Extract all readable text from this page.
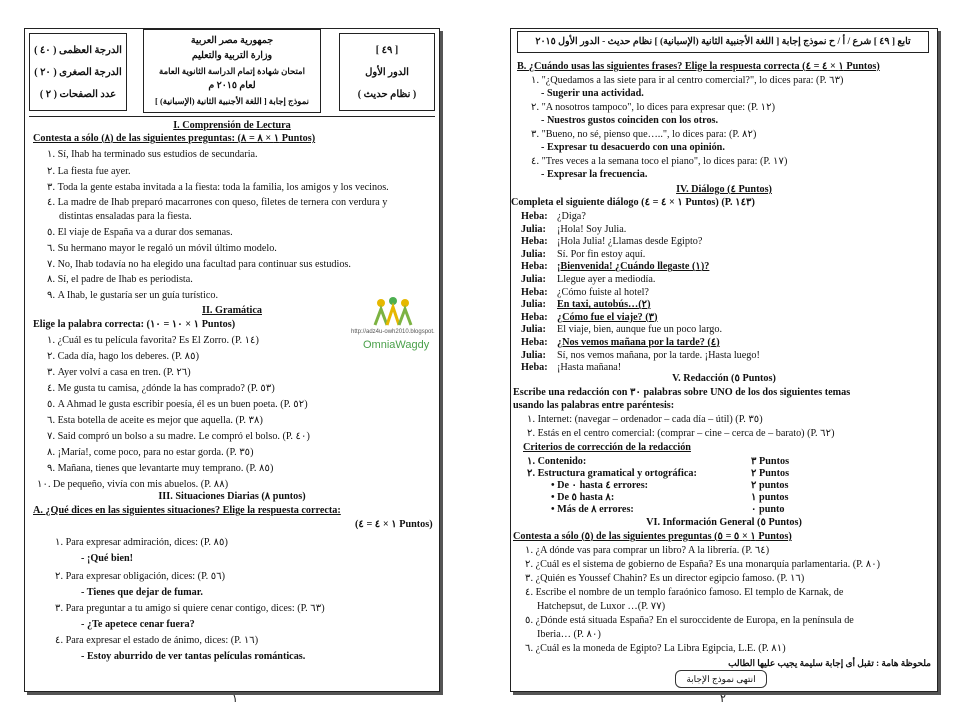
الدرجة العظمى ( ٤٠ )
الدرجة الصغرى ( ٢٠ )
عدد الصفحات ( ٢ )
جمهورية مصر العربية
وزارة التربية والتعليم
امتحان شهادة إتمام الدراسة الثانوية العامة
لعام ٢٠١٥ م
نموذج إجابة [ اللغة الأجنبية الثانية (الإسبانية) ]
[ ٤٩ ]
الدور الأول
( نظام حديث )
I. Comprensión de Lectura
Contesta a sólo (٨) de las siguientes preguntas: (١ × ٨ = ٨ Puntos)
١. Sí, Ihab ha terminado sus estudios de secundaria.
٢. La fiesta fue ayer.
٣. Toda la gente estaba invitada a la fiesta: toda la familia, los amigos y los vecinos.
٤. La madre de Ihab preparó macarrones con queso, filetes de ternera con verdura y
distintas ensaladas para la fiesta.
٥. El viaje de España va a durar dos semanas.
٦. Su hermano mayor le regaló un móvil último modelo.
٧. No, Ihab todavía no ha elegido una facultad para continuar sus estudios.
٨. Sí, el padre de Ihab es periodista.
٩. A Ihab, le gustaría ser un guía turístico.
II. Gramática
Elige la palabra correcta: (١ × ١٠ = ١٠ Puntos)
١. ¿Cuál es tu película favorita? Es El Zorro. (P. ١٤)
٢. Cada día, hago los deberes. (P. ٨٥)
٣. Ayer volví a casa en tren. (P. ٢٦)
٤. Me gusta tu camisa, ¿dónde la has comprado? (P. ٥٣)
٥. A Ahmad le gusta escribir poesía, él es un buen poeta. (P. ٥٢)
٦. Esta botella de aceite es mejor que aquella. (P. ٣٨)
٧. Said compró un bolso a su madre. Le compró el bolso. (P. ٤٠)
٨. ¡María!, come poco, para no estar gorda. (P. ٣٥)
٩. Mañana, tienes que levantarte muy temprano. (P. ٨٥)
١٠. De pequeño, vivía con mis abuelos. (P. ٨٨)
III. Situaciones Diarias (٨ puntos)
A. ¿Qué dices en las siguientes situaciones? Elige la respuesta correcta:
(١ × ٤ = ٤ Puntos)
١. Para expresar admiración, dices: (P. ٨٥)
- ¡Qué bien!
٢. Para expresar obligación, dices: (P. ٥٦)
- Tienes que dejar de fumar.
٣. Para preguntar a tu amigo si quiere cenar contigo, dices: (P. ٦٣)
- ¿Te apetece cenar fuera?
٤. Para expresar el estado de ánimo, dices: (P. ١٦)
- Estoy aburrido de ver tantas películas románticas.
http://adz4u-owh2010.blogspot.
OmniaWagdy
١
تابع [ ٤٩ ] شرع / أ / ح نموذج إجابة [ اللغة الأجنبية الثانية (الإسبانية) ] نظام حديث - الدور الأول ٢٠١٥
B. ¿Cuándo usas las siguientes frases? Elige la respuesta correcta (١ × ٤ = ٤ Puntos)
١. "¿Quedamos a las siete para ir al centro comercial?", lo dices para: (P. ٦٣)
- Sugerir una actividad.
٢. "A nosotros tampoco", lo dices para expresar que: (P. ١٢)
- Nuestros gustos coinciden con los otros.
٣. "Bueno, no sé, pienso que…..", lo dices para: (P. ٨٢)
- Expresar tu desacuerdo con una opinión.
٤. "Tres veces a la semana toco el piano", lo dices para: (P. ١٧)
- Expresar la frecuencia.
IV. Diálogo (٤ Puntos)
Completa el siguiente diálogo (١ × ٤ = ٤ Puntos) (P. ١٤٣)
Heba: ¿Diga?
Julia: ¡Hola! Soy Julia.
Heba: ¡Hola Julia! ¿Llamas desde Egipto?
Julia: Sí. Por fin estoy aquí.
Heba: ¡Bienvenida! ¿Cuándo llegaste (١)?
Julia: Llegue ayer a mediodía.
Heba: ¿Cómo fuiste al hotel?
Julia: En taxi, autobús…(٢)
Heba: ¿Cómo fue el viaje? (٣)
Julia: El viaje, bien, aunque fue un poco largo.
Heba: ¿Nos vemos mañana por la tarde? (٤)
Julia: Sí, nos vemos mañana, por la tarde. ¡Hasta luego!
Heba: ¡Hasta mañana!
V. Redacción (٥ Puntos)
Escribe una redacción con ٣٠ palabras sobre UNO de los dos siguientes temas
usando las palabras entre paréntesis:
١. Internet: (navegar – ordenador – cada día – útil) (P. ٣٥)
٢. Estás en el centro comercial: (comprar – cine – cerca de – barato) (P. ٦٢)
Criterios de corrección de la redacción
١. Contenido:	٣ Puntos
٢. Estructura gramatical y ortográfica:	٢ Puntos
• De ٠ hasta ٤ errores:	٢ puntos
• De ٥ hasta ٨:	١ puntos
• Más de ٨ errores:	٠ punto
VI. Información General (٥ Puntos)
Contesta a sólo (٥) de las siguientes preguntas (١ × ٥ = ٥ Puntos)
١. ¿A dónde vas para comprar un libro? A la librería. (P. ٦٤)
٢. ¿Cuál es el sistema de gobierno de España? Es una monarquía parlamentaria. (P. ٨٠)
٣. ¿Quién es Youssef Chahin? Es un director egipcio famoso. (P. ١٦)
٤. Escribe el nombre de un templo faraónico famoso. El templo de Karnak, de
Hatchepsut, de Luxor …(P. ٧٧)
٥. ¿Dónde está situada España? En el suroccidente de Europa, en la península de
Iberia… (P. ٨٠)
٦. ¿Cuál es la moneda de Egipto? La Libra Egipcia, L.E. (P. ٨١)
ملحوظة هامة : تقبل أى إجابة سليمة يجيب عليها الطالب
انتهى نموذج الإجابة
٢
